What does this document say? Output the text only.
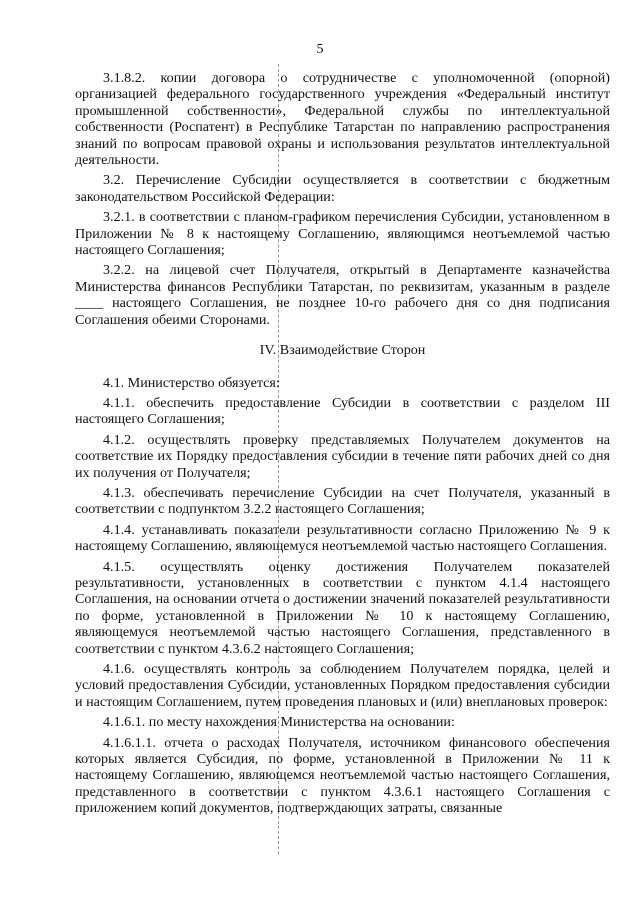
5

3.1.8.2. копии договора о сотрудничестве с уполномоченной (опорной) организацией федерального государственного учреждения «Федеральный институт промышленной собственности», Федеральной службы по интеллектуальной собственности (Роспатент) в Республике Татарстан по направлению распространения знаний по вопросам правовой охраны и использования результатов интеллектуальной деятельности.

3.2. Перечисление Субсидии осуществляется в соответствии с бюджетным законодательством Российской Федерации:

3.2.1. в соответствии с планом-графиком перечисления Субсидии, установленном в Приложении № 8 к настоящему Соглашению, являющимся неотъемлемой частью настоящего Соглашения;

3.2.2. на лицевой счет Получателя, открытый в Департаменте казначейства Министерства финансов Республики Татарстан, по реквизитам, указанным в разделе ____ настоящего Соглашения, не позднее 10-го рабочего дня со дня подписания Соглашения обеими Сторонами.

IV. Взаимодействие Сторон

4.1. Министерство обязуется:

4.1.1. обеспечить предоставление Субсидии в соответствии с разделом III настоящего Соглашения;

4.1.2. осуществлять проверку представляемых Получателем документов на соответствие их Порядку предоставления субсидии в течение пяти рабочих дней со дня их получения от Получателя;

4.1.3. обеспечивать перечисление Субсидии на счет Получателя, указанный в соответствии с подпунктом 3.2.2 настоящего Соглашения;

4.1.4. устанавливать показатели результативности согласно Приложению № 9 к настоящему Соглашению, являющемуся неотъемлемой частью настоящего Соглашения.

4.1.5. осуществлять оценку достижения Получателем показателей результативности, установленных в соответствии с пунктом 4.1.4 настоящего Соглашения, на основании отчета о достижении значений показателей результативности по форме, установленной в Приложении № 10 к настоящему Соглашению, являющемуся неотъемлемой частью настоящего Соглашения, представленного в соответствии с пунктом 4.3.6.2 настоящего Соглашения;

4.1.6. осуществлять контроль за соблюдением Получателем порядка, целей и условий предоставления Субсидии, установленных Порядком предоставления субсидии и настоящим Соглашением, путем проведения плановых и (или) внеплановых проверок:

4.1.6.1. по месту нахождения Министерства на основании:

4.1.6.1.1. отчета о расходах Получателя, источником финансового обеспечения которых является Субсидия, по форме, установленной в Приложении № 11 к настоящему Соглашению, являющемся неотъемлемой частью настоящего Соглашения, представленного в соответствии с пунктом 4.3.6.1 настоящего Соглашения с приложением копий документов, подтверждающих затраты, связанные
